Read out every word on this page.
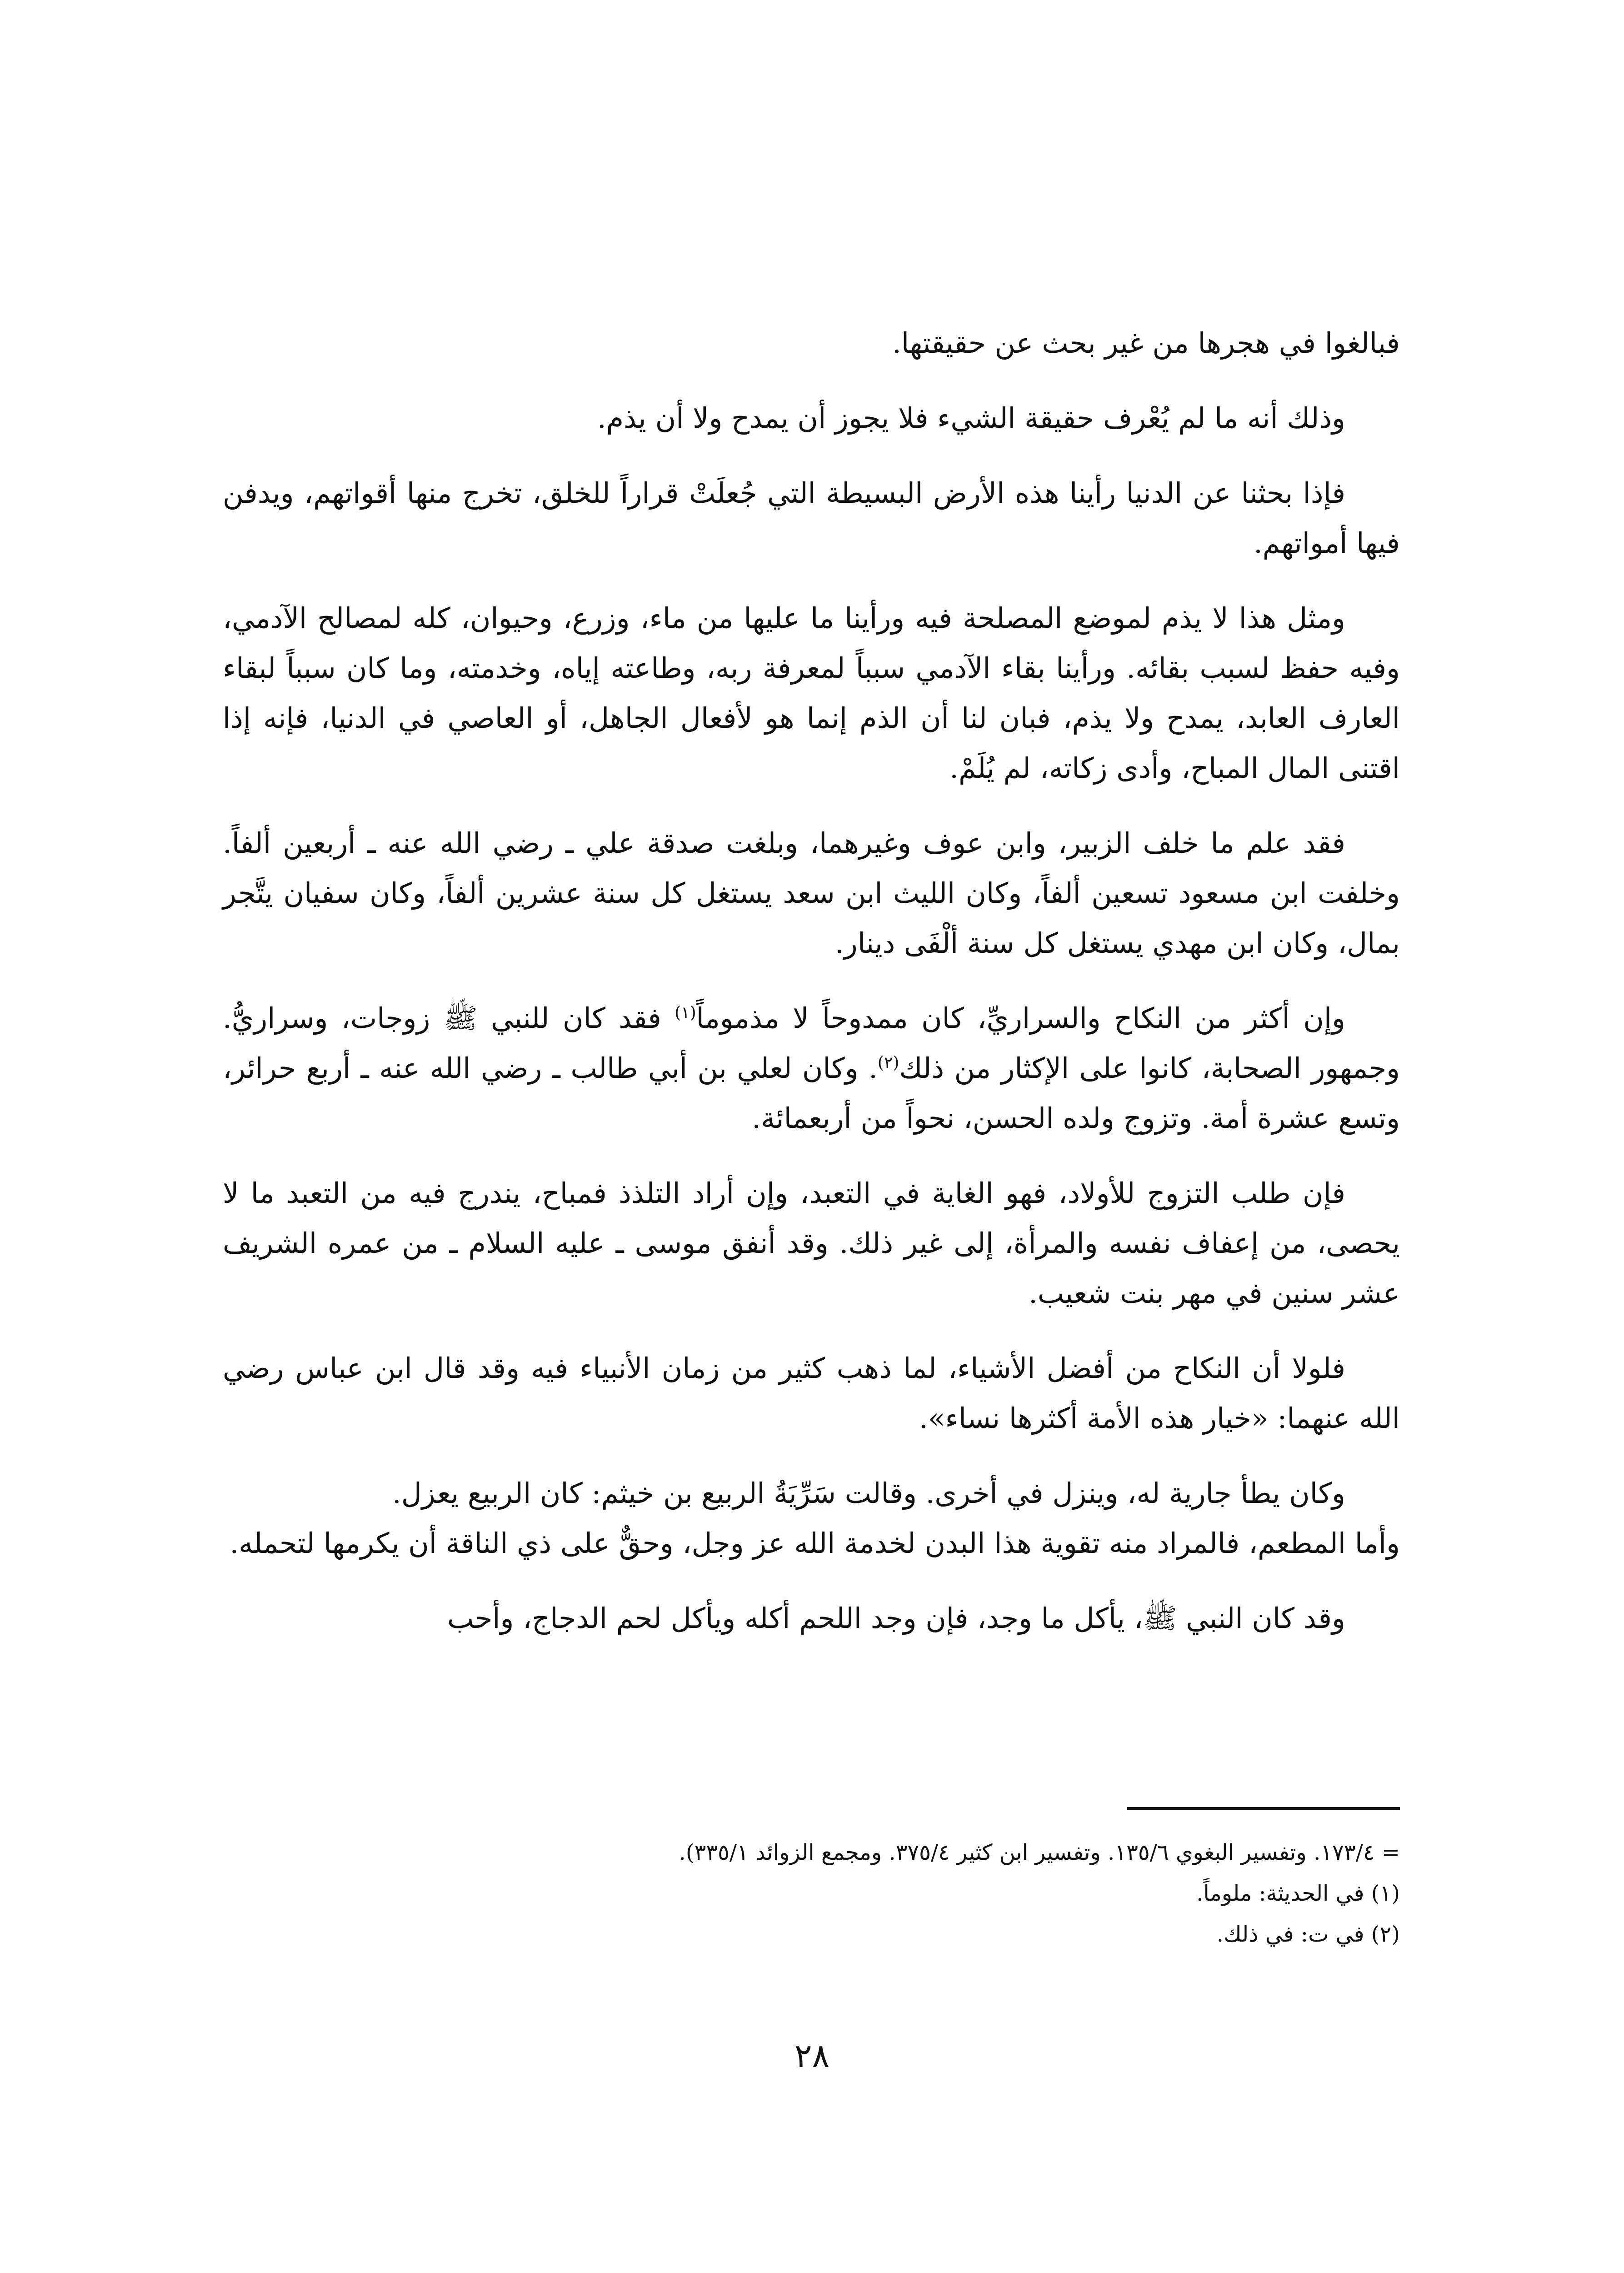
فبالغوا في هجرها من غير بحث عن حقيقتها.

وذلك أنه ما لم يُعْرف حقيقة الشيء فلا يجوز أن يمدح ولا أن يذم.

فإذا بحثنا عن الدنيا رأينا هذه الأرض البسيطة التي جُعلَتْ قراراً للخلق، تخرج منها أقواتهم، ويدفن فيها أمواتهم.

ومثل هذا لا يذم لموضع المصلحة فيه ورأينا ما عليها من ماء، وزرع، وحيوان، كله لمصالح الآدمي، وفيه حفظ لسبب بقائه. ورأينا بقاء الآدمي سبباً لمعرفة ربه، وطاعته إياه، وخدمته، وما كان سبباً لبقاء العارف العابد، يمدح ولا يذم، فبان لنا أن الذم إنما هو لأفعال الجاهل، أو العاصي في الدنيا، فإنه إذا اقتنى المال المباح، وأدى زكاته، لم يُلَمْ.

فقد علم ما خلف الزبير، وابن عوف وغيرهما، وبلغت صدقة علي ـ رضي الله عنه ـ أربعين ألفاً. وخلفت ابن مسعود تسعين ألفاً، وكان الليث ابن سعد يستغل كل سنة عشرين ألفاً، وكان سفيان يتَّجر بمال، وكان ابن مهدي يستغل كل سنة ألْفَى دينار.

وإن أكثر من النكاح والسراريِّ، كان ممدوحاً لا مذموماً$^{(١)}$ فقد كان للنبي ﷺ زوجات، وسراريُّ. وجمهور الصحابة، كانوا على الإكثار من ذلك$^{(٢)}$. وكان لعلي بن أبي طالب ـ رضي الله عنه ـ أربع حرائر، وتسع عشرة أمة. وتزوج ولده الحسن، نحواً من أربعمائة.

فإن طلب التزوج للأولاد، فهو الغاية في التعبد، وإن أراد التلذذ فمباح، يندرج فيه من التعبد ما لا يحصى، من إعفاف نفسه والمرأة، إلى غير ذلك. وقد أنفق موسى ـ عليه السلام ـ من عمره الشريف عشر سنين في مهر بنت شعيب.

فلولا أن النكاح من أفضل الأشياء، لما ذهب كثير من زمان الأنبياء فيه وقد قال ابن عباس رضي الله عنهما: «خيار هذه الأمة أكثرها نساء».

وكان يطأ جارية له، وينزل في أخرى. وقالت سَرِّيَةُ الربيع بن خيثم: كان الربيع يعزل.

وأما المطعم، فالمراد منه تقوية هذا البدن لخدمة الله عز وجل، وحقٌّ على ذي الناقة أن يكرمها لتحمله.

وقد كان النبي ﷺ، يأكل ما وجد، فإن وجد اللحم أكله ويأكل لحم الدجاج، وأحب

= ١٧٣/٤. وتفسير البغوي ١٣٥/٦. وتفسير ابن كثير ٣٧٥/٤. ومجمع الزوائد ٣٣٥/١).

(١) في الحديثة: ملوماً.

(٢) في ت: في ذلك.

٢٨
